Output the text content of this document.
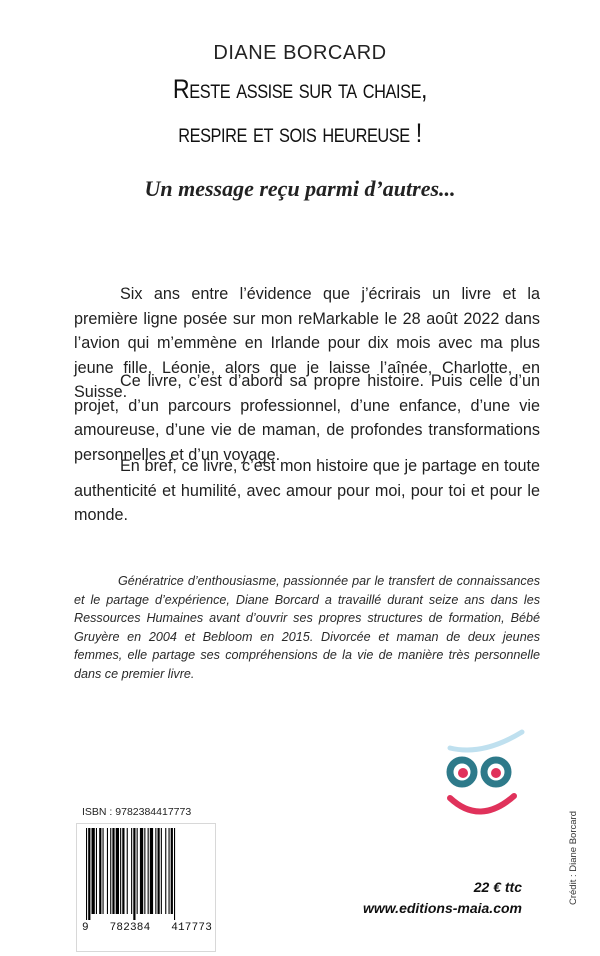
DIANE BORCARD
Reste assise sur ta chaise,
respire et sois heureuse !
Un message reçu parmi d’autres...

Six ans entre l’évidence que j’écrirais un livre et la première ligne posée sur mon reMarkable le 28 août 2022 dans l’avion qui m’emmène en Irlande pour dix mois avec ma plus jeune fille, Léonie, alors que je laisse l’aînée, Charlotte, en Suisse.

Ce livre, c’est d’abord sa propre histoire. Puis celle d’un projet, d’un parcours professionnel, d’une enfance, d’une vie amoureuse, d’une vie de maman, de profondes transformations personnelles et d’un voyage.

En bref, ce livre, c’est mon histoire que je partage en toute authenticité et humilité, avec amour pour moi, pour toi et pour le monde.

Génératrice d’enthousiasme, passionnée par le transfert de connaissances et le partage d’expérience, Diane Borcard a travaillé durant seize ans dans les Ressources Humaines avant d’ouvrir ses propres structures de formation, Bébé Gruyère en 2004 et Bebloom en 2015. Divorcée et maman de deux jeunes femmes, elle partage ses compréhensions de la vie de manière très personnelle dans ce premier livre.

ISBN : 9782384417773
9 782384 417773
22 € ttc
www.editions-maia.com
Crédit : Diane Borcard
